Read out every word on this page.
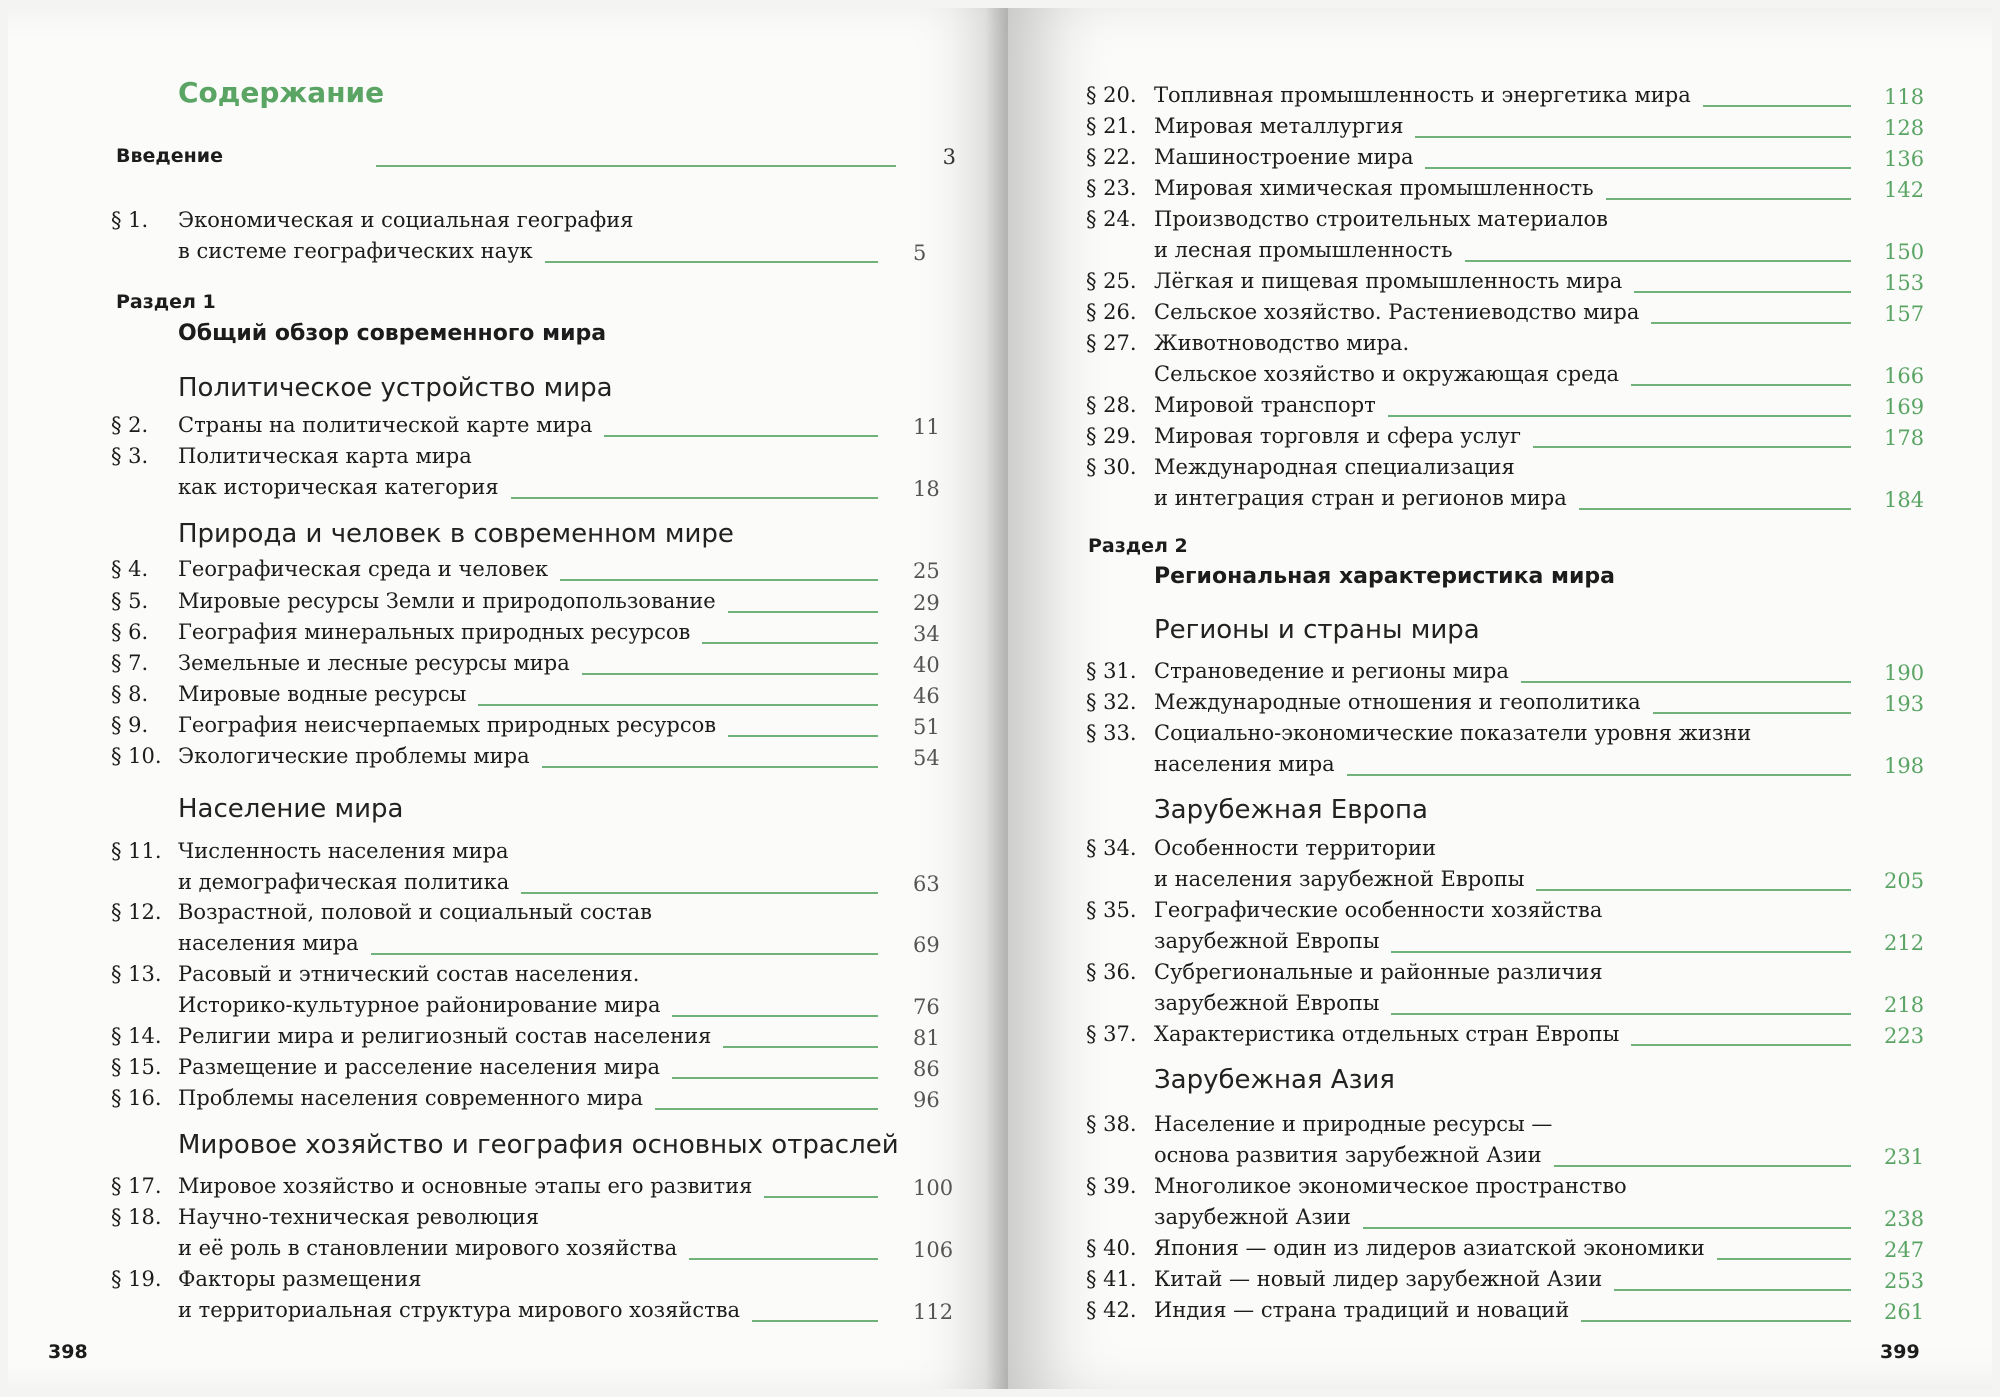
Содержание
Введение	3
Раздел 1
Общий обзор современного мира
Политическое устройство мира
Природа и человек в современном мире
Население мира
Мировое хозяйство и география основных отраслей
398
§ 1. Экономическая и социальная география
в системе географических наук	5
§ 2. Страны на политической карте мира	11
§ 3. Политическая карта мира
как историческая категория	18
§ 4. Географическая среда и человек	25
§ 5. Мировые ресурсы Земли и природопользование	29
§ 6. География минеральных природных ресурсов	34
§ 7. Земельные и лесные ресурсы мира	40
§ 8. Мировые водные ресурсы	46
§ 9. География неисчерпаемых природных ресурсов	51
§ 10. Экологические проблемы мира	54
§ 11. Численность населения мира
и демографическая политика	63
§ 12. Возрастной, половой и социальный состав
населения мира	69
§ 13. Расовый и этнический состав населения.
Историко-культурное районирование мира	76
§ 14. Религии мира и религиозный состав населения	81
§ 15. Размещение и расселение населения мира	86
§ 16. Проблемы населения современного мира	96
§ 17. Мировое хозяйство и основные этапы его развития	100
§ 18. Научно-техническая революция
и её роль в становлении мирового хозяйства	106
§ 19. Факторы размещения
и территориальная структура мирового хозяйства	112
Раздел 2
Региональная характеристика мира
Регионы и страны мира
Зарубежная Европа
Зарубежная Азия
399
§ 20. Топливная промышленность и энергетика мира	118
§ 21. Мировая металлургия	128
§ 22. Машиностроение мира	136
§ 23. Мировая химическая промышленность	142
§ 24. Производство строительных материалов
и лесная промышленность	150
§ 25. Лёгкая и пищевая промышленность мира	153
§ 26. Сельское хозяйство. Растениеводство мира	157
§ 27. Животноводство мира.
Сельское хозяйство и окружающая среда	166
§ 28. Мировой транспорт	169
§ 29. Мировая торговля и сфера услуг	178
§ 30. Международная специализация
и интеграция стран и регионов мира	184
§ 31. Страноведение и регионы мира	190
§ 32. Международные отношения и геополитика	193
§ 33. Социально-экономические показатели уровня жизни
населения мира	198
§ 34. Особенности территории
и населения зарубежной Европы	205
§ 35. Географические особенности хозяйства
зарубежной Европы	212
§ 36. Субрегиональные и районные различия
зарубежной Европы	218
§ 37. Характеристика отдельных стран Европы	223
§ 38. Население и природные ресурсы —
основа развития зарубежной Азии	231
§ 39. Многоликое экономическое пространство
зарубежной Азии	238
§ 40. Япония — один из лидеров азиатской экономики	247
§ 41. Китай — новый лидер зарубежной Азии	253
§ 42. Индия — страна традиций и новаций	261
